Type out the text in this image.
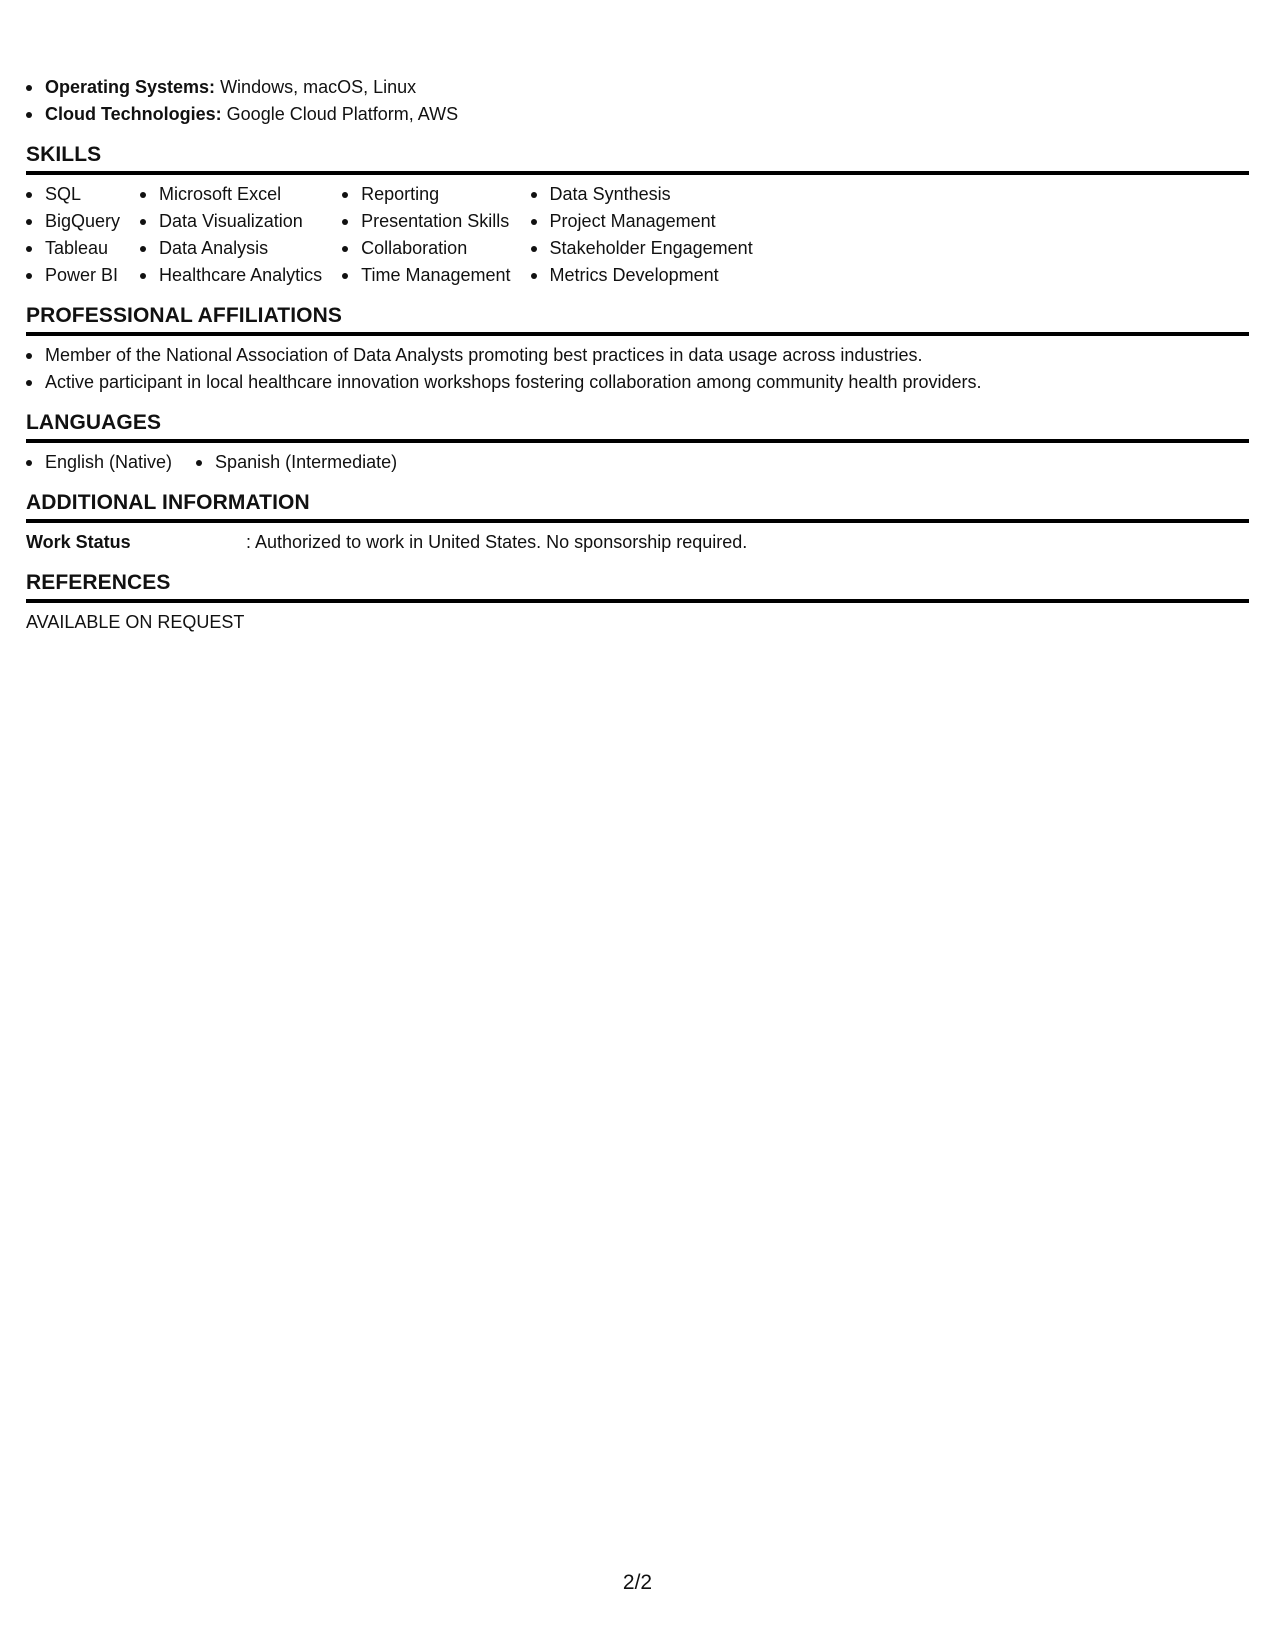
Operating Systems: Windows, macOS, Linux
Cloud Technologies: Google Cloud Platform, AWS
SKILLS
SQL
BigQuery
Tableau
Power BI
Microsoft Excel
Data Visualization
Data Analysis
Healthcare Analytics
Reporting
Presentation Skills
Collaboration
Time Management
Data Synthesis
Project Management
Stakeholder Engagement
Metrics Development
PROFESSIONAL AFFILIATIONS
Member of the National Association of Data Analysts promoting best practices in data usage across industries.
Active participant in local healthcare innovation workshops fostering collaboration among community health providers.
LANGUAGES
English (Native)	Spanish (Intermediate)
ADDITIONAL INFORMATION
Work Status	: Authorized to work in United States. No sponsorship required.
REFERENCES
AVAILABLE ON REQUEST
2/2
